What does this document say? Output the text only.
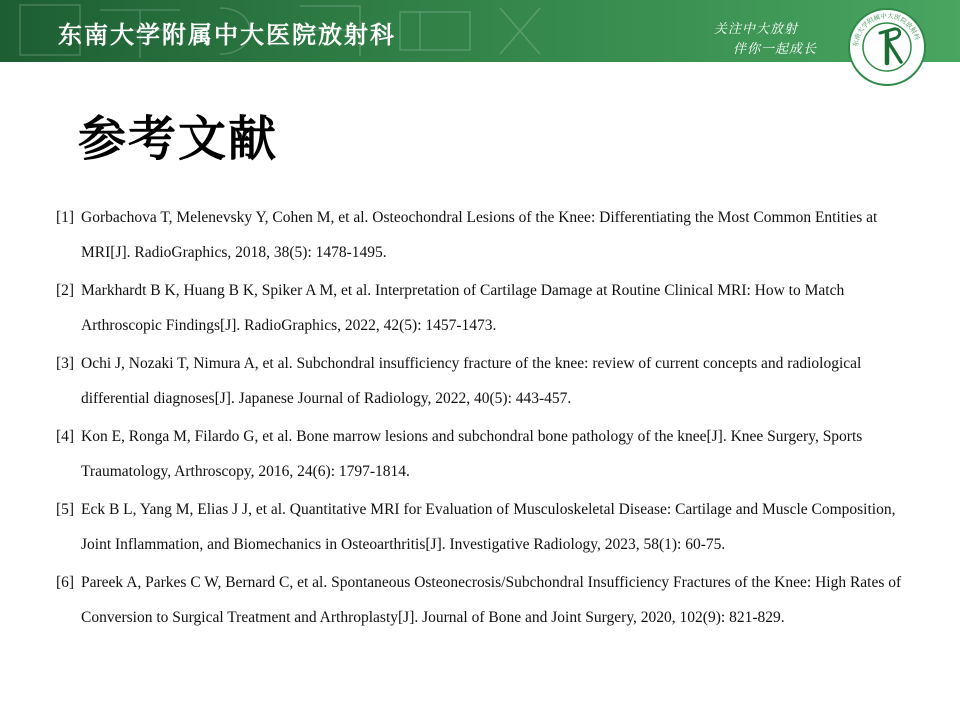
东南大学附属中大医院放射科	关注中大放射
伴你一起成长	东南大学附属中大医院放射科
参考文献
[1] Gorbachova T, Melenevsky Y, Cohen M, et al. Osteochondral Lesions of the Knee: Differentiating the Most Common Entities at MRI[J]. RadioGraphics, 2018, 38(5): 1478-1495.
[2] Markhardt B K, Huang B K, Spiker A M, et al. Interpretation of Cartilage Damage at Routine Clinical MRI: How to Match Arthroscopic Findings[J]. RadioGraphics, 2022, 42(5): 1457-1473.
[3] Ochi J, Nozaki T, Nimura A, et al. Subchondral insufficiency fracture of the knee: review of current concepts and radiological differential diagnoses[J]. Japanese Journal of Radiology, 2022, 40(5): 443-457.
[4] Kon E, Ronga M, Filardo G, et al. Bone marrow lesions and subchondral bone pathology of the knee[J]. Knee Surgery, Sports Traumatology, Arthroscopy, 2016, 24(6): 1797-1814.
[5] Eck B L, Yang M, Elias J J, et al. Quantitative MRI for Evaluation of Musculoskeletal Disease: Cartilage and Muscle Composition, Joint Inflammation, and Biomechanics in Osteoarthritis[J]. Investigative Radiology, 2023, 58(1): 60-75.
[6] Pareek A, Parkes C W, Bernard C, et al. Spontaneous Osteonecrosis/Subchondral Insufficiency Fractures of the Knee: High Rates of Conversion to Surgical Treatment and Arthroplasty[J]. Journal of Bone and Joint Surgery, 2020, 102(9): 821-829.
